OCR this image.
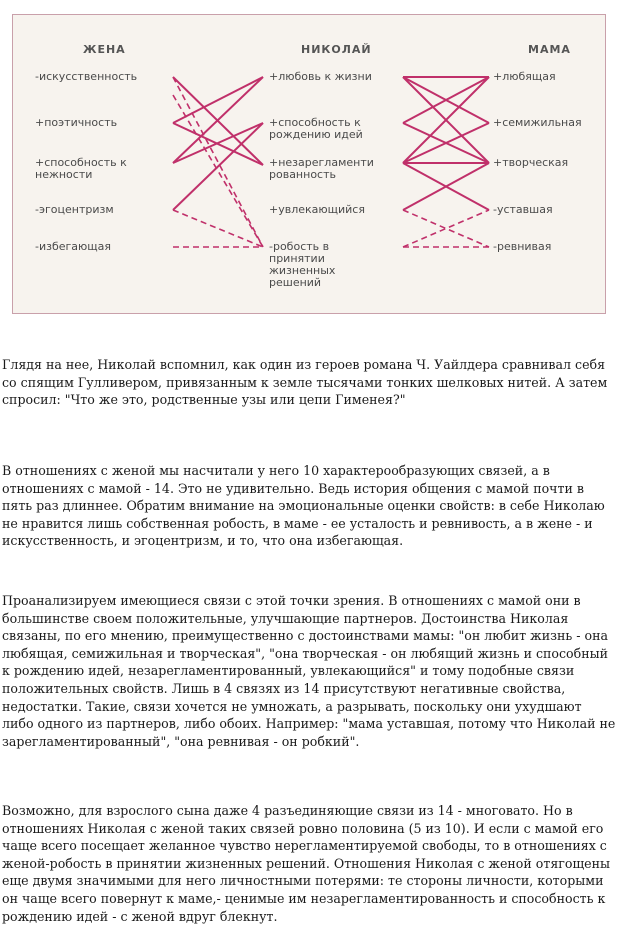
ЖЕНА	НИКОЛАЙ	МАМА
-искусственность
+поэтичность
+способность к нежности
-эгоцентризм
-избегающая
+любовь к жизни
+способность к рождению идей
+незарегламентированность
+увлекающийся
-робость в принятии жизненных решений
+любящая
+семижильная
+творческая
-уставшая
-ревнивая

Глядя на нее, Николай вспомнил, как один из героев романа Ч. Уайлдера сравнивал себя со спящим Гулливером, привязанным к земле тысячами тонких шелковых нитей. А затем спросил: "Что же это, родственные узы или цепи Гименея?"

В отношениях с женой мы насчитали у него 10 характерообразующих связей, а в отношениях с мамой - 14. Это не удивительно. Ведь история общения с мамой почти в пять раз длиннее. Обратим внимание на эмоциональные оценки свойств: в себе Николаю не нравится лишь собственная робость, в маме - ее усталость и ревнивость, а в жене - и искусственность, и эгоцентризм, и то, что она избегающая.

Проанализируем имеющиеся связи с этой точки зрения. В отношениях с мамой они в большинстве своем положительные, улучшающие партнеров. Достоинства Николая связаны, по его мнению, преимущественно с достоинствами мамы: "он любит жизнь - она любящая, семижильная и творческая", "она творческая - он любящий жизнь и способный к рождению идей, незарегламентированный, увлекающийся" и тому подобные связи положительных свойств. Лишь в 4 связях из 14 присутствуют негативные свойства, недостатки. Такие, связи хочется не умножать, а разрывать, поскольку они ухудшают либо одного из партнеров, либо обоих. Например: "мама уставшая, потому что Николай не зарегламентированный", "она ревнивая - он робкий".

Возможно, для взрослого сына даже 4 разъединяющие связи из 14 - многовато. Но в отношениях Николая с женой таких связей ровно половина (5 из 10). И если с мамой его чаще всего посещает желанное чувство нерегламентируемой свободы, то в отношениях с женой-робость в принятии жизненных решений. Отношения Николая с женой отягощены еще двумя значимыми для него личностными потерями: те стороны личности, которыми он чаще всего повернут к маме,- ценимые им незарегламентированность и способность к рождению идей - с женой вдруг блекнут.
